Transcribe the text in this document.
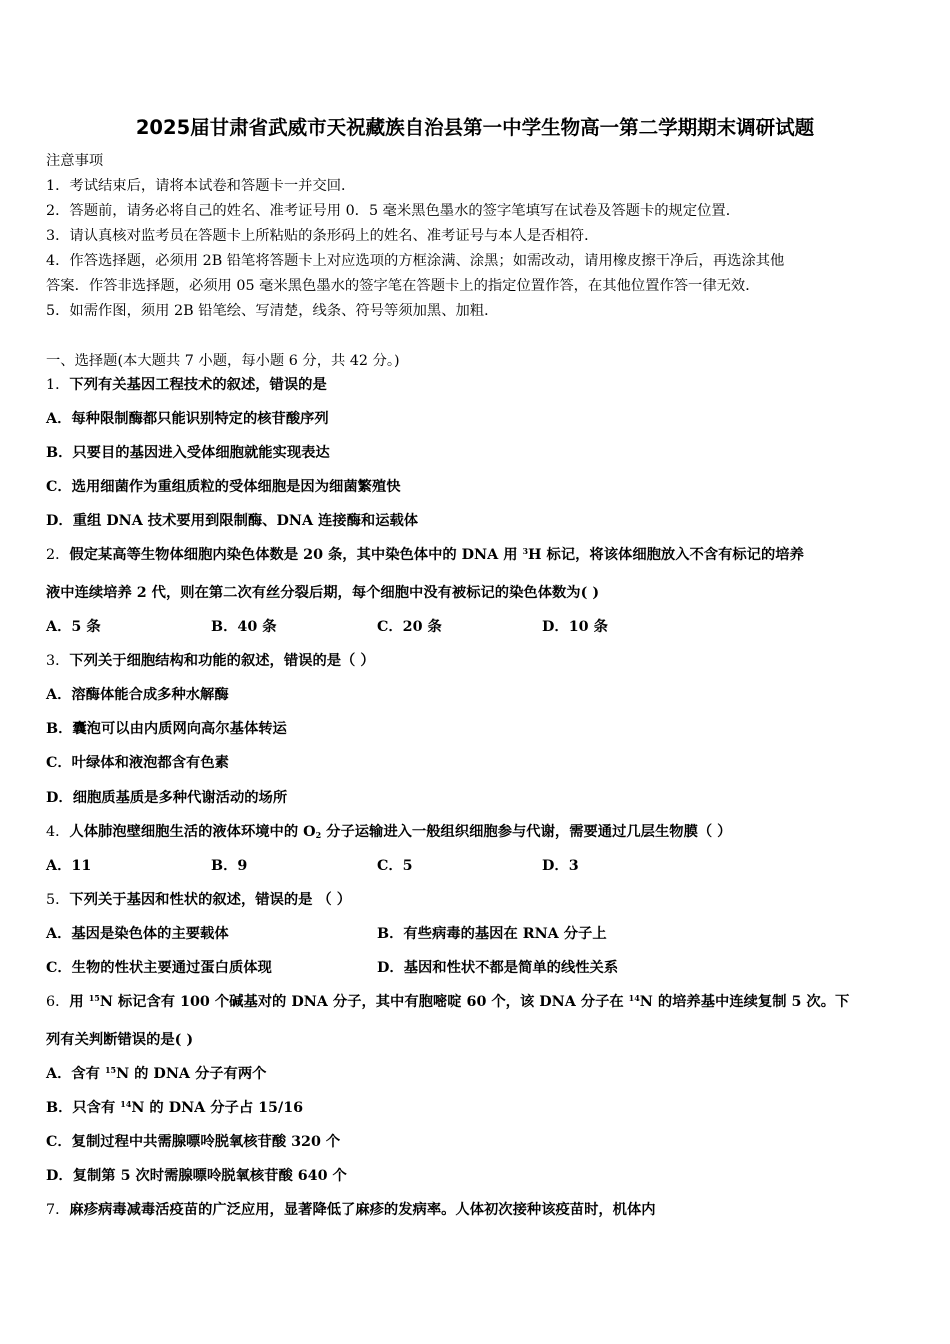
2025届甘肃省武威市天祝藏族自治县第一中学生物高一第二学期期末调研试题
注意事项
1．考试结束后，请将本试卷和答题卡一并交回．
2．答题前，请务必将自己的姓名、准考证号用 0．5 毫米黑色墨水的签字笔填写在试卷及答题卡的规定位置．
3．请认真核对监考员在答题卡上所粘贴的条形码上的姓名、准考证号与本人是否相符．
4．作答选择题，必须用 2B 铅笔将答题卡上对应选项的方框涂满、涂黑；如需改动，请用橡皮擦干净后，再选涂其他
答案．作答非选择题，必须用 05 毫米黑色墨水的签字笔在答题卡上的指定位置作答，在其他位置作答一律无效．
5．如需作图，须用 2B 铅笔绘、写清楚，线条、符号等须加黑、加粗．
一、选择题(本大题共 7 小题，每小题 6 分，共 42 分。)
1．下列有关基因工程技术的叙述，错误的是
A．每种限制酶都只能识别特定的核苷酸序列
B．只要目的基因进入受体细胞就能实现表达
C．选用细菌作为重组质粒的受体细胞是因为细菌繁殖快
D．重组 DNA 技术要用到限制酶、DNA 连接酶和运载体
2．假定某高等生物体细胞内染色体数是 20 条，其中染色体中的 DNA 用 $^3$H 标记，将该体细胞放入不含有标记的培养
液中连续培养 2 代，则在第二次有丝分裂后期，每个细胞中没有被标记的染色体数为( )
A．5 条	B．40 条	C．20 条	D．10 条
3．下列关于细胞结构和功能的叙述，错误的是（ ）
A．溶酶体能合成多种水解酶
B．囊泡可以由内质网向高尔基体转运
C．叶绿体和液泡都含有色素
D．细胞质基质是多种代谢活动的场所
4．人体肺泡壁细胞生活的液体环境中的 $O_2$ 分子运输进入一般组织细胞参与代谢，需要通过几层生物膜（ ）
A．11	B．9	C．5	D．3
5．下列关于基因和性状的叙述，错误的是 （ ）
A．基因是染色体的主要载体	B．有些病毒的基因在 RNA 分子上
C．生物的性状主要通过蛋白质体现	D．基因和性状不都是简单的线性关系
6．用 $^{15}$N 标记含有 100 个碱基对的 DNA 分子，其中有胞嘧啶 60 个，该 DNA 分子在 $^{14}$N 的培养基中连续复制 5 次。下
列有关判断错误的是( )
A．含有 $^{15}$N 的 DNA 分子有两个
B．只含有 $^{14}$N 的 DNA 分子占 15/16
C．复制过程中共需腺嘌呤脱氧核苷酸 320 个
D．复制第 5 次时需腺嘌呤脱氧核苷酸 640 个
7．麻疹病毒减毒活疫苗的广泛应用，显著降低了麻疹的发病率。人体初次接种该疫苗时，机体内
